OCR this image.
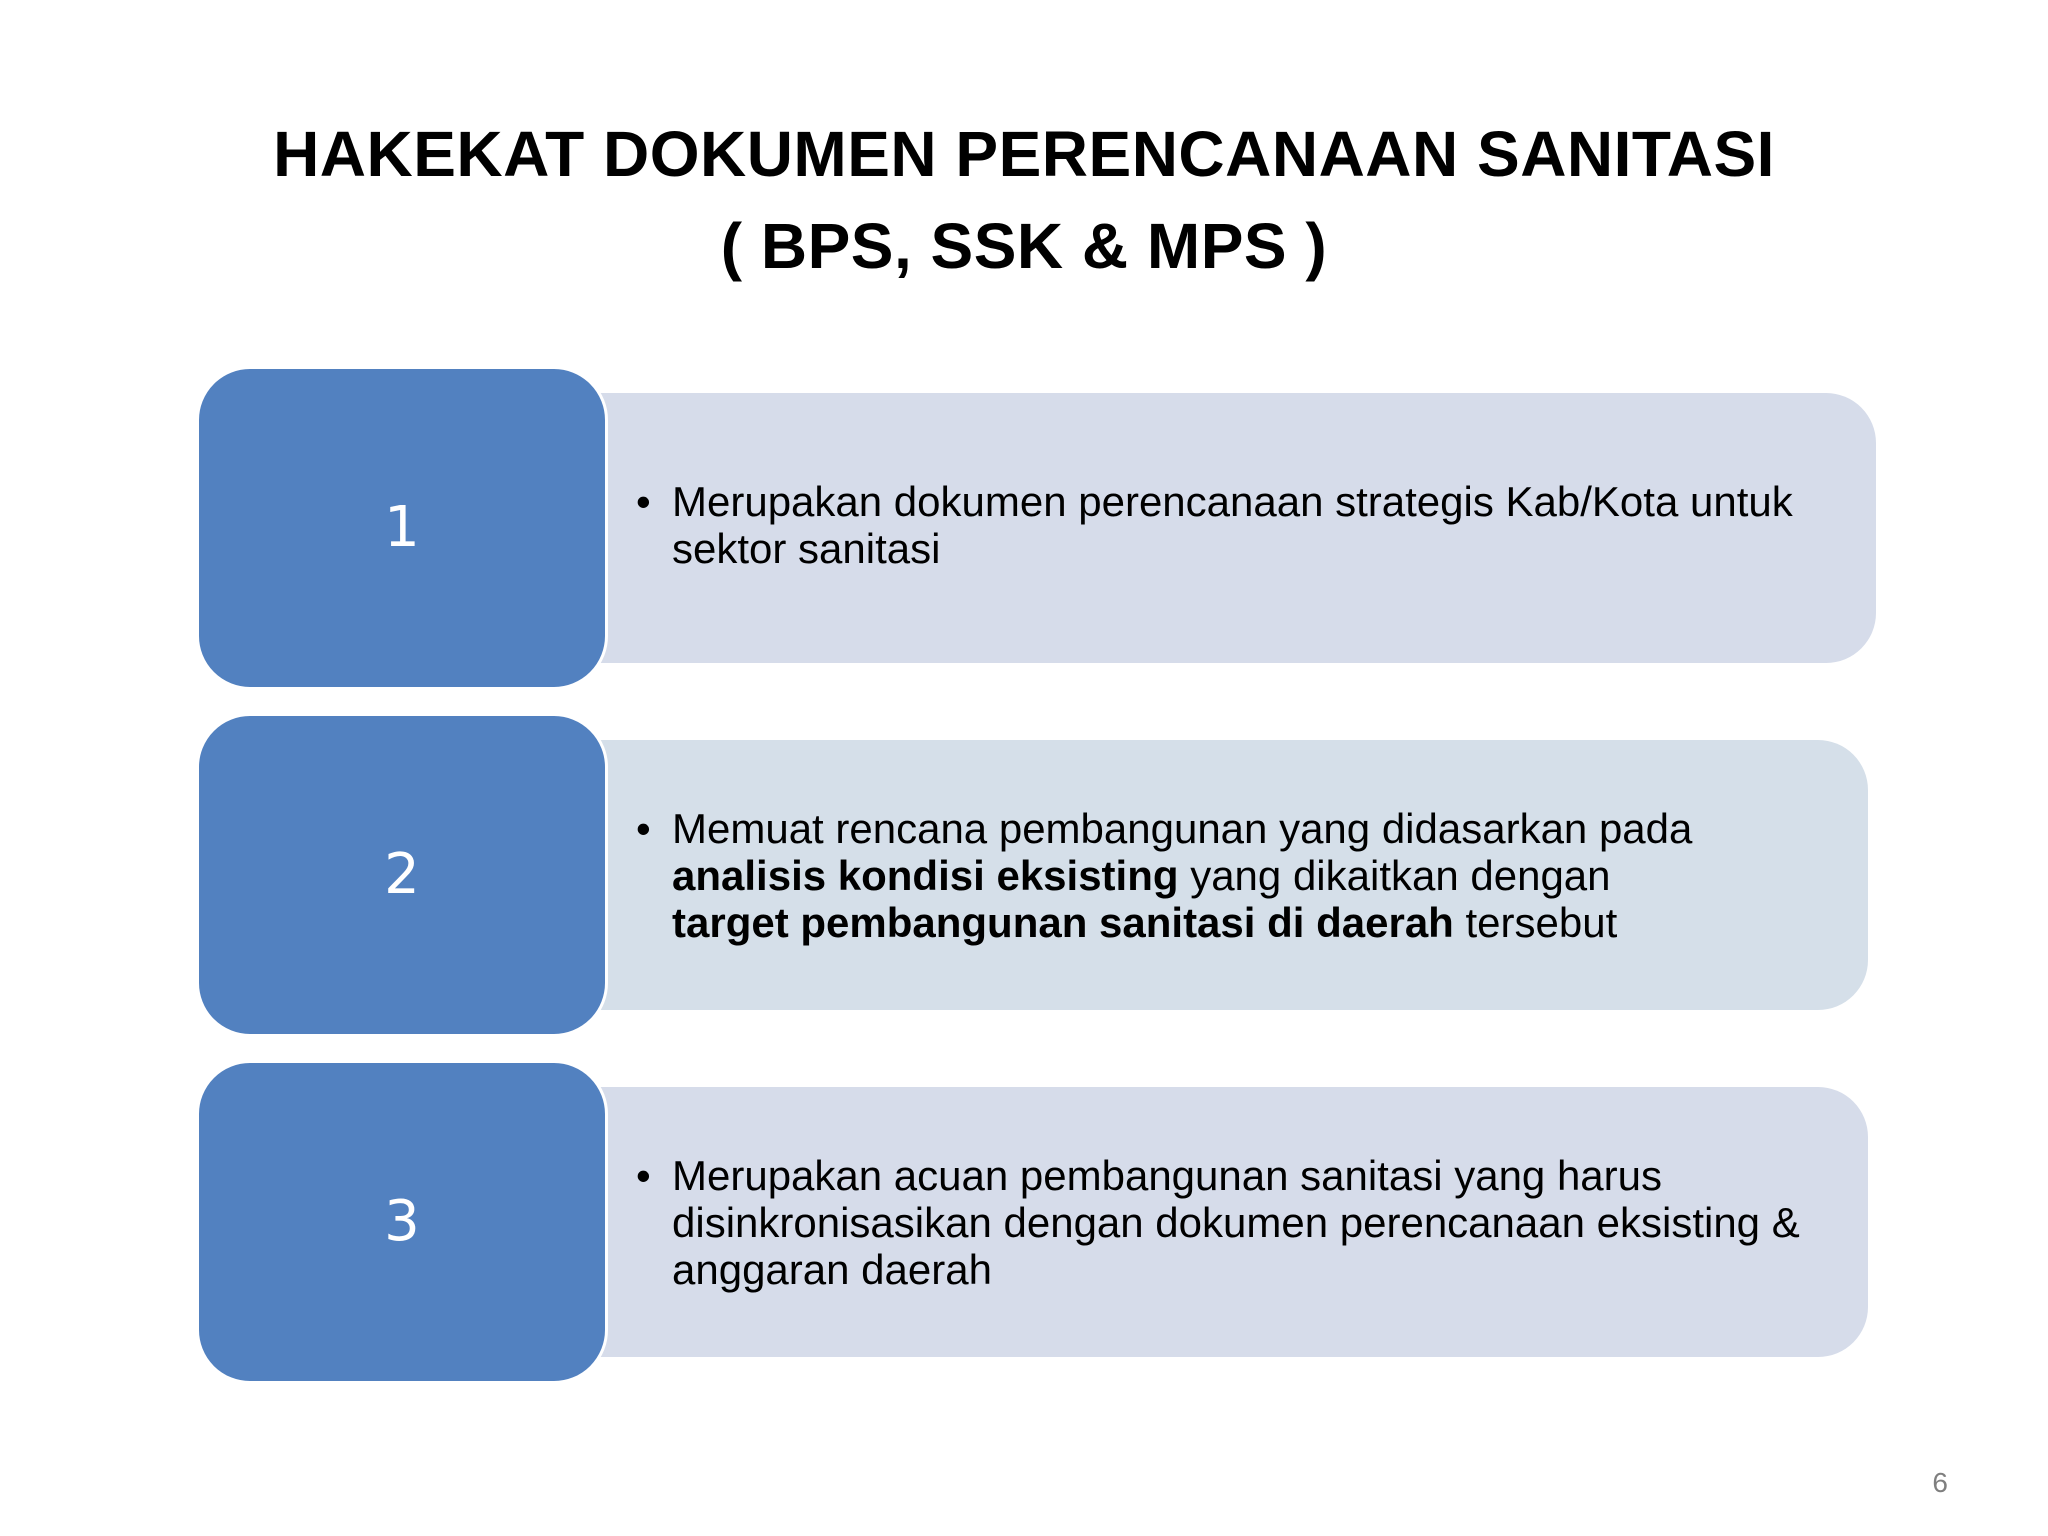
HAKEKAT DOKUMEN PERENCANAAN SANITASI
( BPS, SSK & MPS )
1	• Merupakan dokumen perencanaan strategis Kab/Kota untuk sektor sanitasi
2
• Memuat rencana pembangunan yang didasarkan pada analisis kondisi eksisting yang dikaitkan dengan
target pembangunan sanitasi di daerah tersebut
3
• Merupakan acuan pembangunan sanitasi yang harus disinkronisasikan dengan dokumen perencanaan eksisting & anggaran daerah
6
